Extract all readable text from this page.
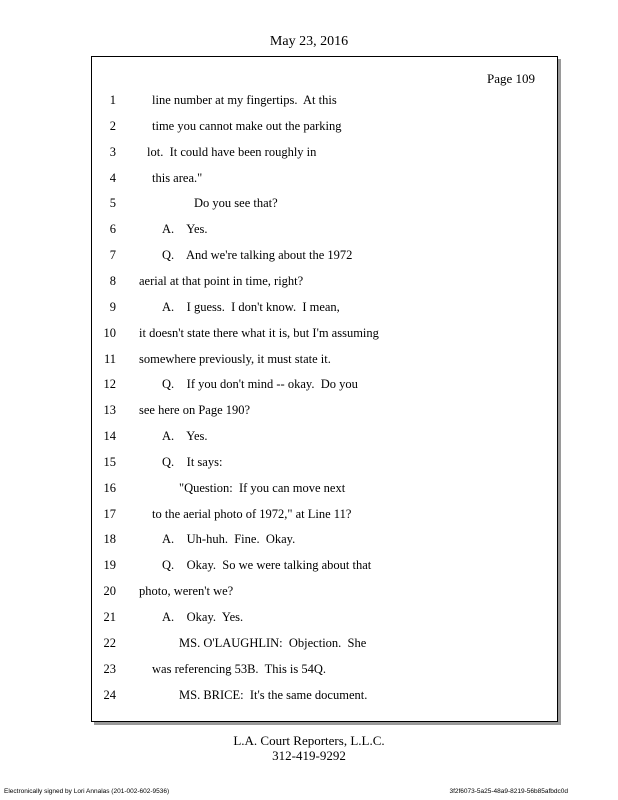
May 23, 2016
Page 109
1	line number at my fingertips.  At this
2	time you cannot make out the parking
3 lot.  It could have been roughly in
4	this area."
5	Do you see that?
6	A.    Yes.
7	Q.    And we're talking about the 1972
8 aerial at that point in time, right?
9	A.    I guess.  I don't know.  I mean,
10 it doesn't state there what it is, but I'm assuming
11 somewhere previously, it must state it.
12	Q.    If you don't mind -- okay.  Do you
13 see here on Page 190?
14	A.    Yes.
15	Q.    It says:
16	"Question:  If you can move next
17	to the aerial photo of 1972," at Line 11?
18	A.    Uh-huh.  Fine.  Okay.
19	Q.    Okay.  So we were talking about that
20 photo, weren't we?
21	A.    Okay.  Yes.
22	MS. O'LAUGHLIN:  Objection.  She
23	was referencing 53B.  This is 54Q.
24	MS. BRICE:  It's the same document.
L.A. Court Reporters, L.L.C.
312-419-9292
Electronically signed by Lori Annalas (201-002-602-9536)	3f2f6073-5a25-48a9-8219-56b85afbdc0d
